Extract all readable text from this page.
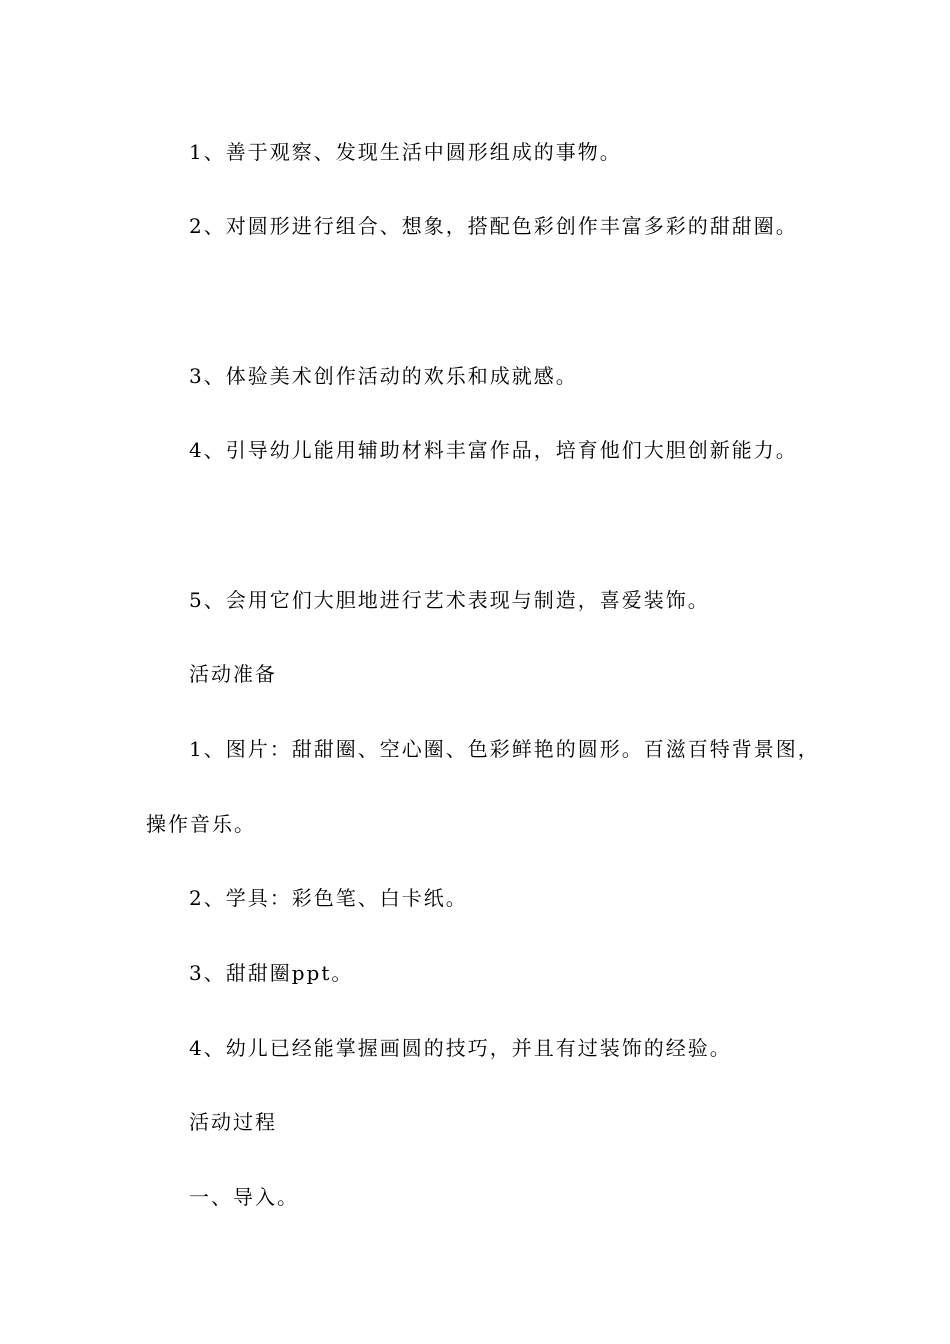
1、善于观察、发现生活中圆形组成的事物。
2、对圆形进行组合、想象，搭配色彩创作丰富多彩的甜甜圈。
3、体验美术创作活动的欢乐和成就感。
4、引导幼儿能用辅助材料丰富作品，培育他们大胆创新能力。
5、会用它们大胆地进行艺术表现与制造，喜爱装饰。
活动准备
1、图片：甜甜圈、空心圈、色彩鲜艳的圆形。百滋百特背景图，
操作音乐。
2、学具：彩色笔、白卡纸。
3、甜甜圈ppt。
4、幼儿已经能掌握画圆的技巧，并且有过装饰的经验。
活动过程
一、导入。
